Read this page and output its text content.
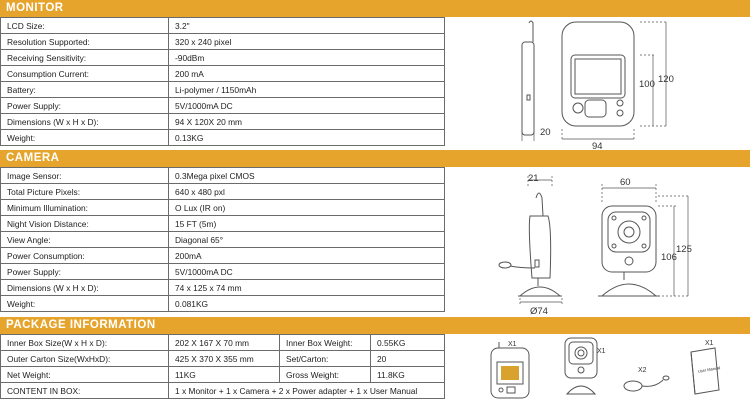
MONITOR
LCD Size:	3.2"
Resolution Supported:	320 x 240 pixel
Receiving Sensitivity:	-90dBm
Consumption Current:	200 mA
Battery:	Li-polymer / 1150mAh
Power Supply:	5V/1000mA DC
Dimensions (W x H x D):	94 X 120X 20 mm
Weight:	0.13KG
CAMERA
Image Sensor:	0.3Mega pixel CMOS
Total Picture Pixels:	640 x 480 pxl
Minimum Illumination:	O Lux (IR on)
Night Vision Distance:	15 FT (5m)
View Angle:	Diagonal 65°
Power Consumption:	200mA
Power Supply:	5V/1000mA DC
Dimensions (W x H x D):	74 x 125 x 74 mm
Weight:	0.081KG
PACKAGE INFORMATION
Inner Box Size(W x H x D):	202 X 167 X 70 mm	Inner Box Weight:	0.55KG
Outer Carton Size(WxHxD):	425 X 370 X 355 mm	Set/Carton:	20
Net Weight:	11KG	Gross Weight:	11.8KG
CONTENT IN BOX:	1 x Monitor + 1 x Camera + 2 x Power adapter + 1 x User Manual		
20
94
100 120
21	60
Ø74
106
125
X1
X1
X2
X1
User Manual
